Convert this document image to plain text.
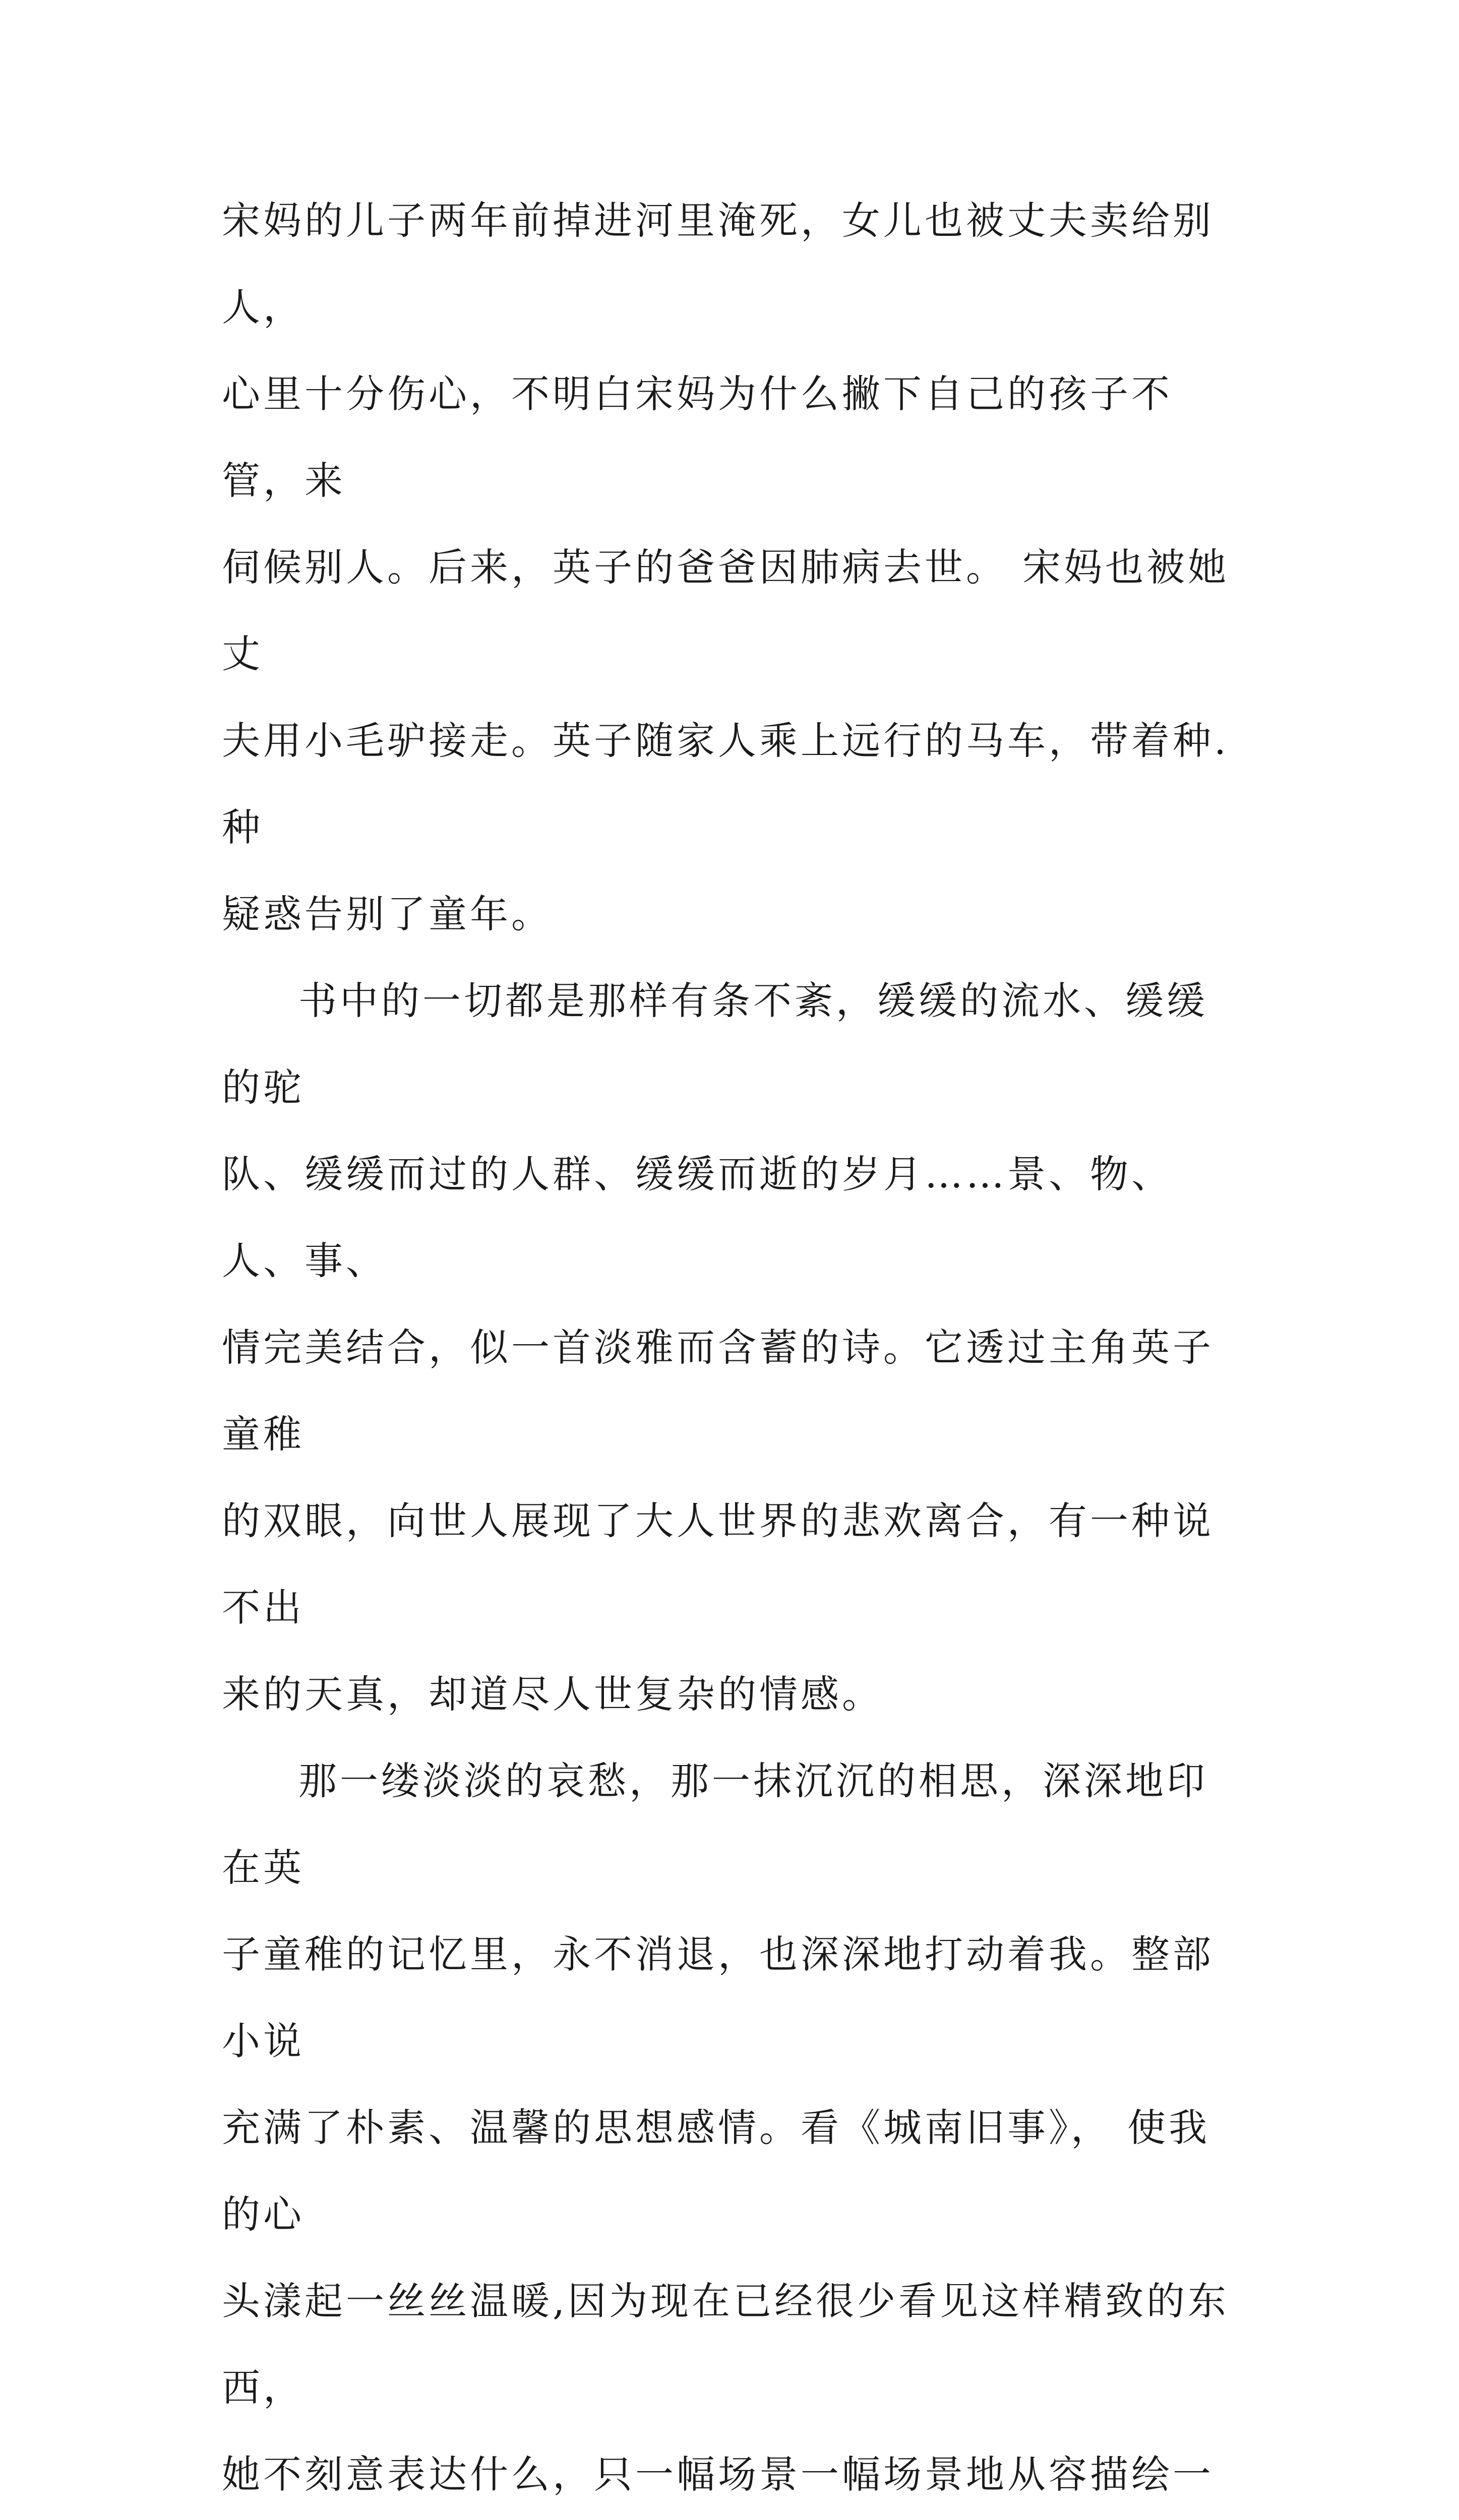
宋妈的儿子两年前掉进河里淹死，女儿也被丈夫卖给别人，
心里十分伤心，不明白宋妈为什么撇下自己的孩子不管，来
伺候别人。后来，英子的爸爸因肺病去世。 宋妈也被她丈
夫用小毛驴接走。英子随家人乘上远行的马车，带着种.种
疑惑告别了童年。

书中的一切都是那样有条不紊，缓缓的流水、缓缓的驼
队、缓缓而过的人群、缓缓而逝的岁月……景、物、人、事、
情完美结合，似一首淡雅而含蓄的诗。它透过主角英子童稚
的双眼，向世人展现了大人世界的悲欢离合，有一种说不出
来的天真，却道尽人世复杂的情感。

那一缕淡淡的哀愁，那一抹沉沉的相思，深深地印在英
子童稚的记忆里，永不消退，也深深地打动着我。整部小说
充满了朴素、温馨的思想感情。看《城南旧事》， 使我的心
头漾起一丝丝温暖,因为现在已经很少看见这样精致的东西，
她不刻意表达什么，只一幅场景一幅场景地从容描绘一
